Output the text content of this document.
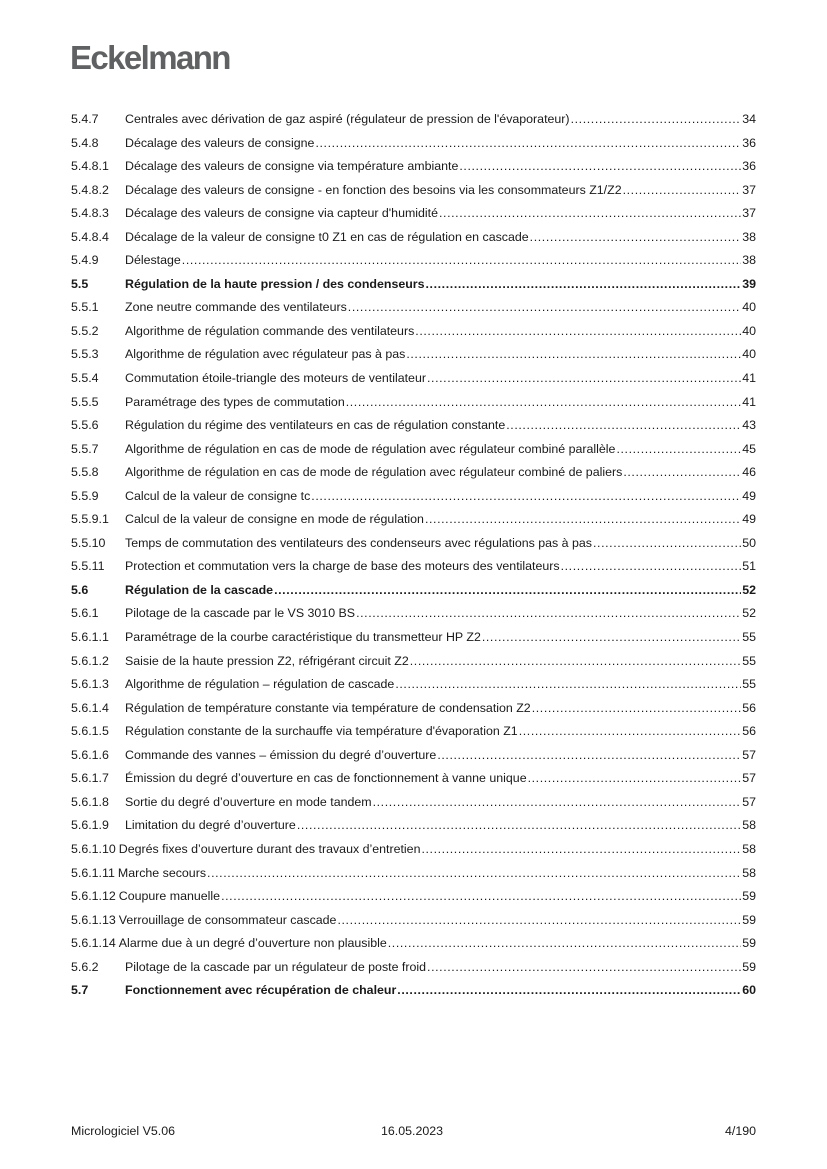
Eckelmann
5.4.7	Centrales avec dérivation de gaz aspiré (régulateur de pression de l'évaporateur) .....	34
5.4.8	Décalage des valeurs de consigne .....	36
5.4.8.1	Décalage des valeurs de consigne via température ambiante .....	36
5.4.8.2	Décalage des valeurs de consigne - en fonction des besoins via les consommateurs Z1/Z2 .....	37
5.4.8.3	Décalage des valeurs de consigne via capteur d'humidité .....	37
5.4.8.4	Décalage de la valeur de consigne t0 Z1 en cas de régulation en cascade .....	38
5.4.9	Délestage .....	38
5.5	Régulation de la haute pression / des condenseurs .....	39
5.5.1	Zone neutre commande des ventilateurs .....	40
5.5.2	Algorithme de régulation commande des ventilateurs .....	40
5.5.3	Algorithme de régulation avec régulateur pas à pas .....	40
5.5.4	Commutation étoile-triangle des moteurs de ventilateur .....	41
5.5.5	Paramétrage des types de commutation .....	41
5.5.6	Régulation du régime des ventilateurs en cas de régulation constante .....	43
5.5.7	Algorithme de régulation en cas de mode de régulation avec régulateur combiné parallèle .....	45
5.5.8	Algorithme de régulation en cas de mode de régulation avec régulateur combiné de paliers .....	46
5.5.9	Calcul de la valeur de consigne tc .....	49
5.5.9.1	Calcul de la valeur de consigne en mode de régulation .....	49
5.5.10	Temps de commutation des ventilateurs des condenseurs avec régulations pas à pas .....	50
5.5.11	Protection et commutation vers la charge de base des moteurs des ventilateurs .....	51
5.6	Régulation de la cascade .....	52
5.6.1	Pilotage de la cascade par le VS 3010 BS .....	52
5.6.1.1	Paramétrage de la courbe caractéristique du transmetteur HP Z2 .....	55
5.6.1.2	Saisie de la haute pression Z2, réfrigérant circuit Z2 .....	55
5.6.1.3	Algorithme de régulation – régulation de cascade .....	55
5.6.1.4	Régulation de température constante via température de condensation Z2 .....	56
5.6.1.5	Régulation constante de la surchauffe via température d'évaporation Z1 .....	56
5.6.1.6	Commande des vannes – émission du degré d’ouverture .....	57
5.6.1.7	Émission du degré d’ouverture en cas de fonctionnement à vanne unique .....	57
5.6.1.8	Sortie du degré d’ouverture en mode tandem .....	57
5.6.1.9	Limitation du degré d’ouverture .....	58
5.6.1.10 Degrés fixes d’ouverture durant des travaux d’entretien .....	58
5.6.1.11 Marche secours .....	58
5.6.1.12 Coupure manuelle .....	59
5.6.1.13 Verrouillage de consommateur cascade .....	59
5.6.1.14 Alarme due à un degré d’ouverture non plausible .....	59
5.6.2	Pilotage de la cascade par un régulateur de poste froid .....	59
5.7	Fonctionnement avec récupération de chaleur .....	60
Micrologiciel V5.06	16.05.2023	4/190
